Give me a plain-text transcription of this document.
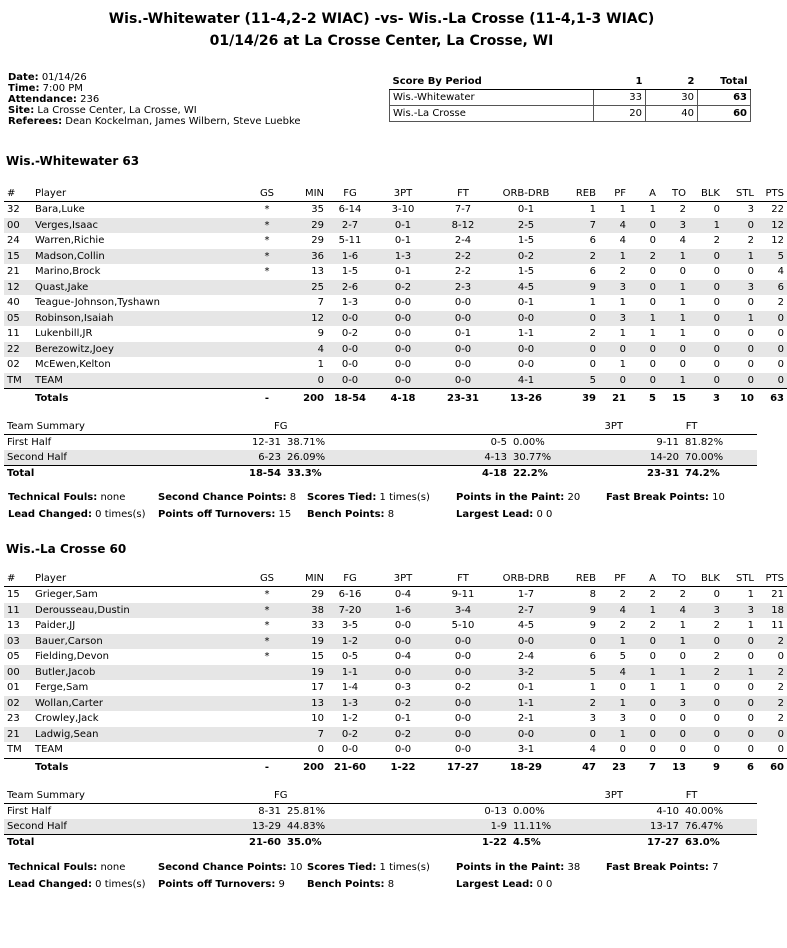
Wis.-Whitewater (11-4,2-2 WIAC) -vs- Wis.-La Crosse (11-4,1-3 WIAC)
01/14/26 at La Crosse Center, La Crosse, WI
Date: 01/14/26
Time: 7:00 PM
Attendance: 236
Site: La Crosse Center, La Crosse, WI
Referees: Dean Kockelman, James Wilbern, Steve Luebke
Score By Period	1	2	Total
Wis.-Whitewater	33	30	63
Wis.-La Crosse	20	40	60
Wis.-Whitewater 63
#	Player	GS	MIN	FG	3PT	FT	ORB-DRB	REB	PF	A	TO	BLK	STL	PTS
32	Bara,Luke	*	35	6-14	3-10	7-7	0-1	1	1	1	2	0	3	22
00	Verges,Isaac	*	29	2-7	0-1	8-12	2-5	7	4	0	3	1	0	12
24	Warren,Richie	*	29	5-11	0-1	2-4	1-5	6	4	0	4	2	2	12
15	Madson,Collin	*	36	1-6	1-3	2-2	0-2	2	1	2	1	0	1	5
21	Marino,Brock	*	13	1-5	0-1	2-2	1-5	6	2	0	0	0	0	4
12	Quast,Jake		25	2-6	0-2	2-3	4-5	9	3	0	1	0	3	6
40	Teague-Johnson,Tyshawn		7	1-3	0-0	0-0	0-1	1	1	0	1	0	0	2
05	Robinson,Isaiah		12	0-0	0-0	0-0	0-0	0	3	1	1	0	1	0
11	Lukenbill,JR		9	0-2	0-0	0-1	1-1	2	1	1	1	0	0	0
22	Berezowitz,Joey		4	0-0	0-0	0-0	0-0	0	0	0	0	0	0	0
02	McEwen,Kelton		1	0-0	0-0	0-0	0-0	0	1	0	0	0	0	0
TM	TEAM		0	0-0	0-0	0-0	4-1	5	0	0	1	0	0	0
	Totals	-	200	18-54	4-18	23-31	13-26	39	21	5	15	3	10	63
Team Summary	FG		3PT		FT	
First Half	12-31	38.71%	0-5	0.00%	9-11	81.82%
Second Half	6-23	26.09%	4-13	30.77%	14-20	70.00%
Total	18-54	33.3%	4-18	22.2%	23-31	74.2%
Technical Fouls: none	Second Chance Points: 8 Scores Tied: 1 times(s)	Points in the Paint: 20	Fast Break Points: 10
Lead Changed: 0 times(s) Points off Turnovers: 15 Bench Points: 8	Largest Lead: 0 0
Wis.-La Crosse 60
#	Player	GS	MIN	FG	3PT	FT	ORB-DRB	REB	PF	A	TO	BLK	STL	PTS
15	Grieger,Sam	*	29	6-16	0-4	9-11	1-7	8	2	2	2	0	1	21
11	Derousseau,Dustin	*	38	7-20	1-6	3-4	2-7	9	4	1	4	3	3	18
13	Paider,JJ	*	33	3-5	0-0	5-10	4-5	9	2	2	1	2	1	11
03	Bauer,Carson	*	19	1-2	0-0	0-0	0-0	0	1	0	1	0	0	2
05	Fielding,Devon	*	15	0-5	0-4	0-0	2-4	6	5	0	0	2	0	0
00	Butler,Jacob		19	1-1	0-0	0-0	3-2	5	4	1	1	2	1	2
01	Ferge,Sam		17	1-4	0-3	0-2	0-1	1	0	1	1	0	0	2
02	Wollan,Carter		13	1-3	0-2	0-0	1-1	2	1	0	3	0	0	2
23	Crowley,Jack		10	1-2	0-1	0-0	2-1	3	3	0	0	0	0	2
21	Ladwig,Sean		7	0-2	0-2	0-0	0-0	0	1	0	0	0	0	0
TM	TEAM		0	0-0	0-0	0-0	3-1	4	0	0	0	0	0	0
	Totals	-	200	21-60	1-22	17-27	18-29	47	23	7	13	9	6	60
Team Summary	FG		3PT		FT	
First Half	8-31	25.81%	0-13	0.00%	4-10	40.00%
Second Half	13-29	44.83%	1-9	11.11%	13-17	76.47%
Total	21-60	35.0%	1-22	4.5%	17-27	63.0%
Technical Fouls: none	Second Chance Points: 10 Scores Tied: 1 times(s)	Points in the Paint: 38	Fast Break Points: 7
Lead Changed: 0 times(s) Points off Turnovers: 9 Bench Points: 8	Largest Lead: 0 0
